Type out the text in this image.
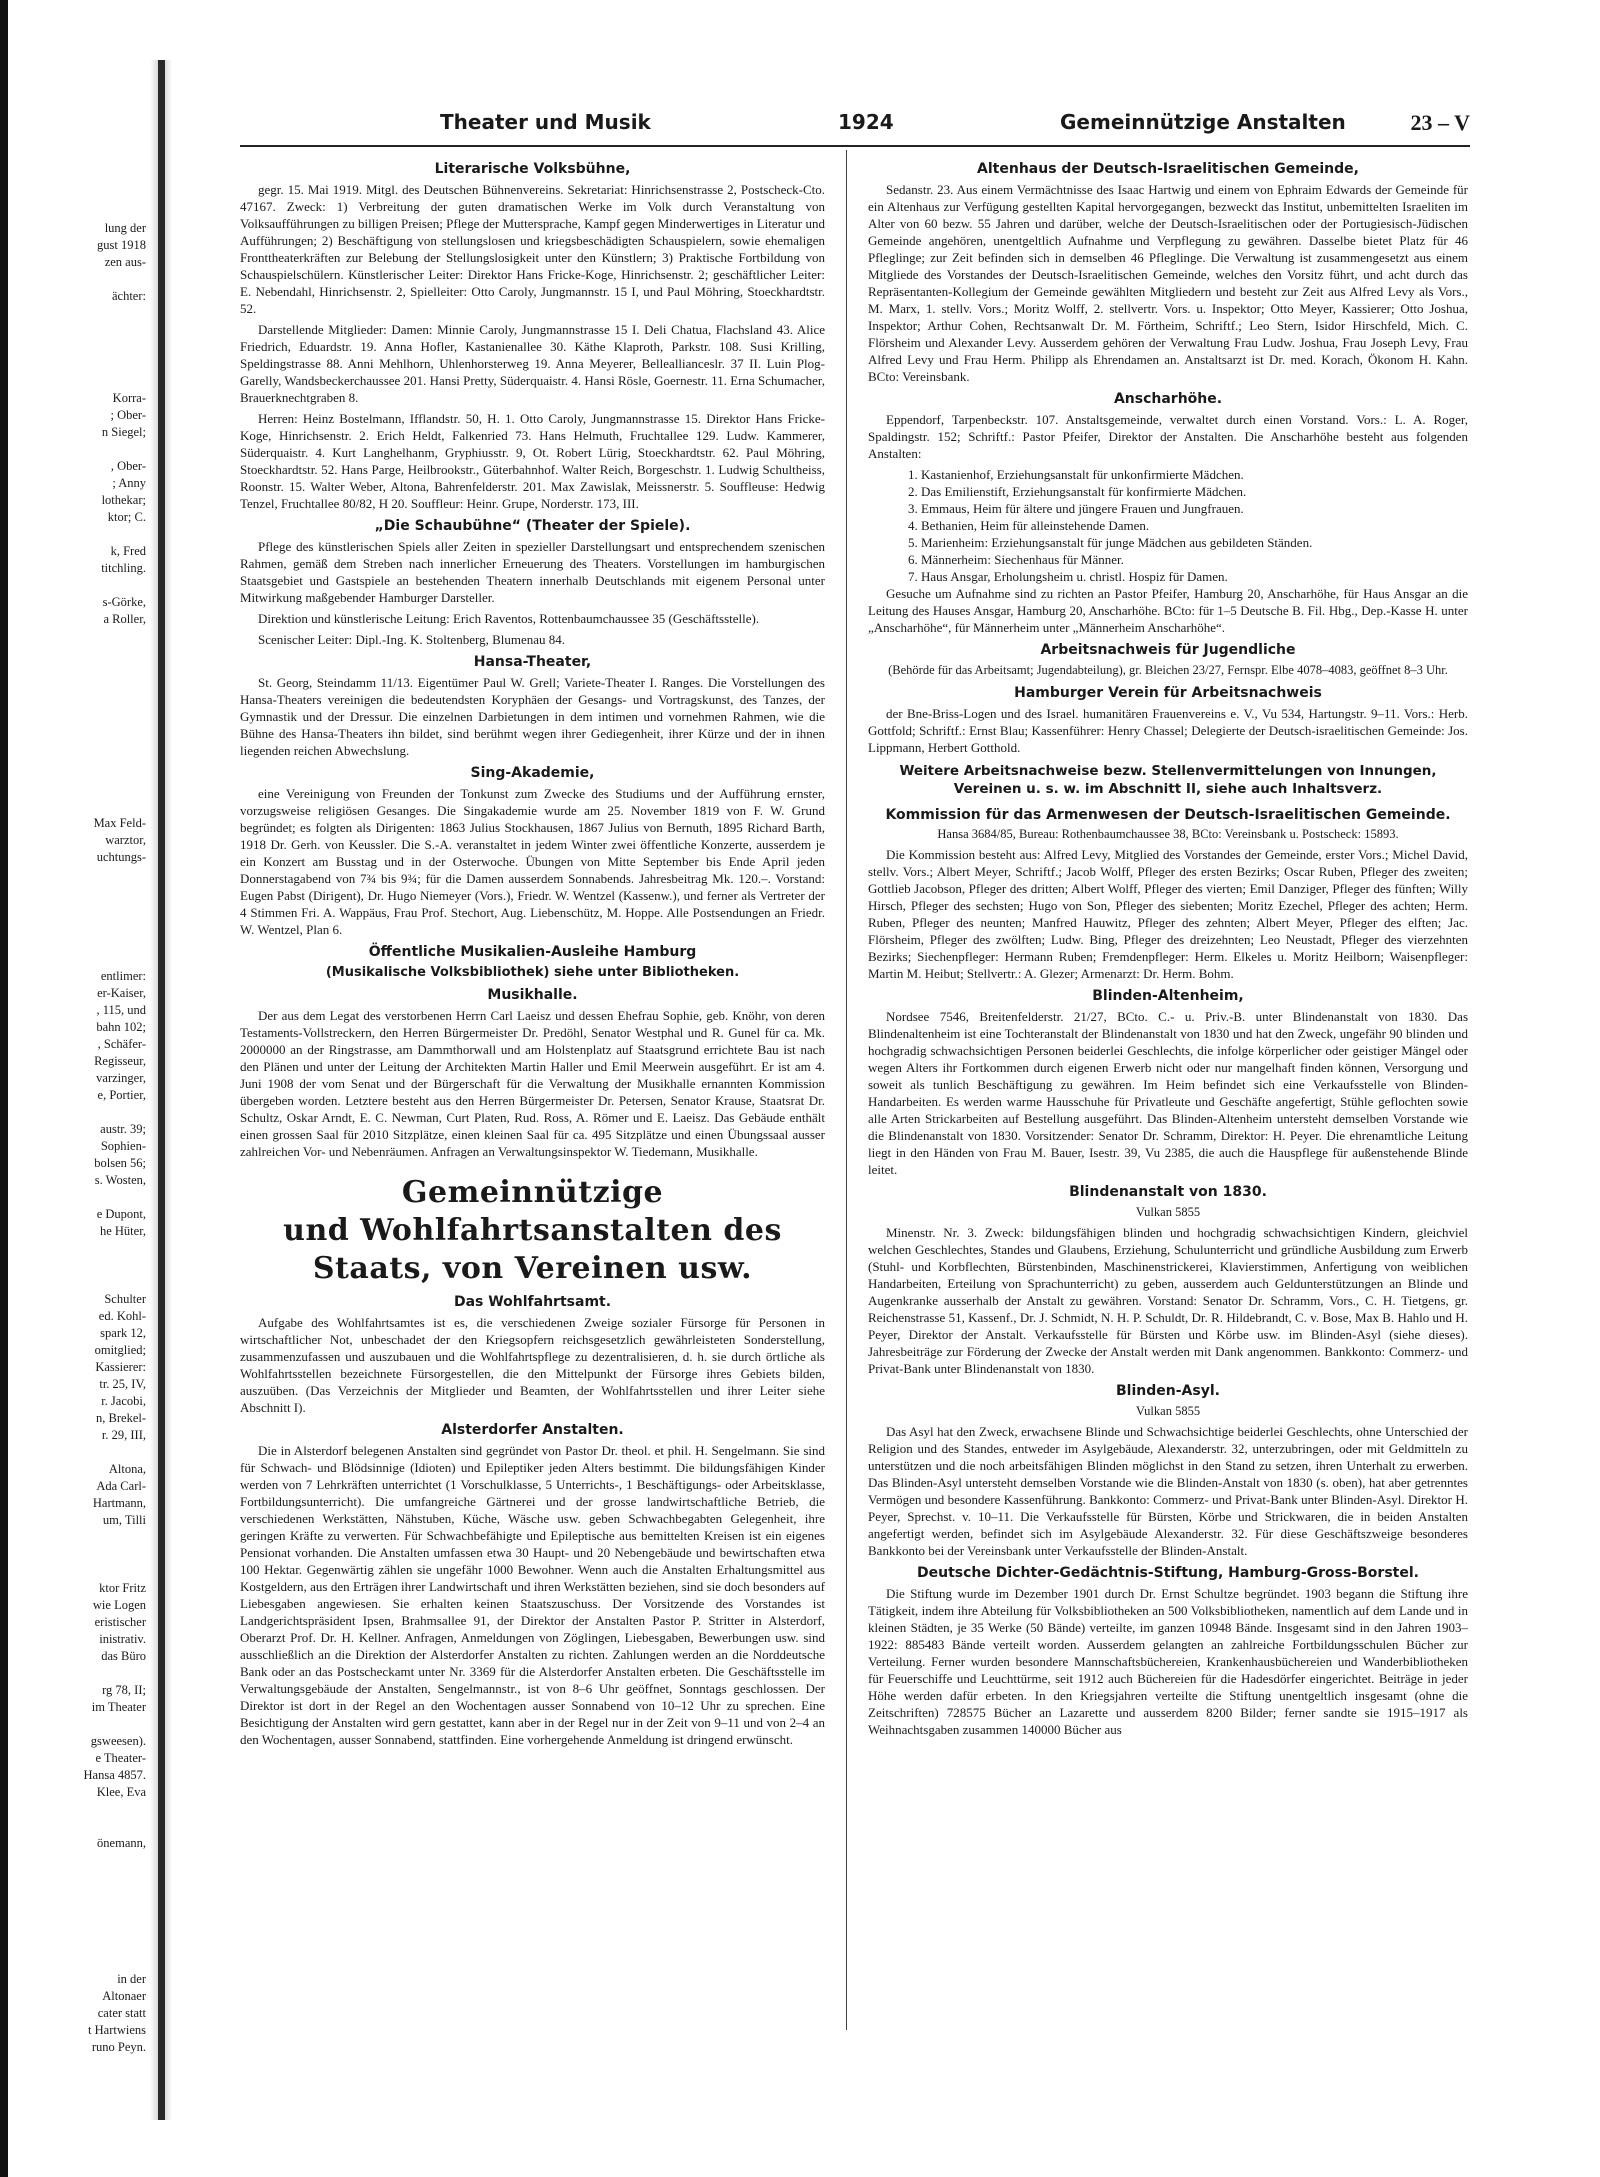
lung der
gust 1918
zen aus-

ächter:

Korra-
; Ober-
n Siegel;

, Ober-
; Anny
lothekar;
ktor; C.

k, Fred
titchling.

s-Görke,
a Roller,

Max Feld-
warztor,
uchtungs-

entlimer:
er-Kaiser,
, 115, und
bahn 102;
, Schäfer-
Regisseur,
varzinger,
e, Portier,

austr. 39;
Sophien-
bolsen 56;
s. Wosten,

e Dupont,
he Hüter,

Schulter
ed. Kohl-
spark 12,
omitglied;
Kassierer:
tr. 25, IV,
r. Jacobi,
n, Brekel-
r. 29, III,

Altona,
Ada Carl-
Hartmann,
um, Tilli

ktor Fritz
wie Logen
eristischer
inistrativ.
das Büro

rg 78, II;
im Theater

gsweesen).
e Theater-
Hansa 4857.
Klee, Eva

önemann,

in der
Altonaer
cater statt
t Hartwiens
runo Peyn.
Theater und Musik	1924	Gemeinnützige Anstalten	23 – V
Literarische Volksbühne,

gegr. 15. Mai 1919. Mitgl. des Deutschen Bühnenvereins. Sekretariat: Hinrichsenstrasse 2, Postscheck-Cto. 47167. Zweck: 1) Verbreitung der guten dramatischen Werke im Volk durch Veranstaltung von Volksaufführungen zu billigen Preisen; Pflege der Muttersprache, Kampf gegen Minderwertiges in Literatur und Aufführungen; 2) Beschäftigung von stellungslosen und kriegsbeschädigten Schauspielern, sowie ehemaligen Fronttheaterkräften zur Belebung der Stellungslosigkeit unter den Künstlern; 3) Praktische Fortbildung von Schauspielschülern. Künstlerischer Leiter: Direktor Hans Fricke-Koge, Hinrichsenstr. 2; geschäftlicher Leiter: E. Nebendahl, Hinrichsenstr. 2, Spielleiter: Otto Caroly, Jungmannstr. 15 I, und Paul Möhring, Stoeckhardtstr. 52.

Darstellende Mitglieder: Damen: Minnie Caroly, Jungmannstrasse 15 I. Deli Chatua, Flachsland 43. Alice Friedrich, Eduardstr. 19. Anna Hofler, Kastanienallee 30. Käthe Klaproth, Parkstr. 108. Susi Krilling, Speldingstrasse 88. Anni Mehlhorn, Uhlenhorsterweg 19. Anna Meyerer, Belleallianceslr. 37 II. Luin Plog-Garelly, Wandsbeckerchaussee 201. Hansi Pretty, Süderquaistr. 4. Hansi Rösle, Goernestr. 11. Erna Schumacher, Brauerknechtgraben 8.

Herren: Heinz Bostelmann, Ifflandstr. 50, H. 1. Otto Caroly, Jungmannstrasse 15. Direktor Hans Fricke-Koge, Hinrichsenstr. 2. Erich Heldt, Falkenried 73. Hans Helmuth, Fruchtallee 129. Ludw. Kammerer, Süderquaistr. 4. Kurt Langhelhanm, Gryphiusstr. 9, Ot. Robert Lürig, Stoeckhardtstr. 62. Paul Möhring, Stoeckhardtstr. 52. Hans Parge, Heilbrookstr., Güterbahnhof. Walter Reich, Borgeschstr. 1. Ludwig Schultheiss, Roonstr. 15. Walter Weber, Altona, Bahrenfelderstr. 201. Max Zawislak, Meissnerstr. 5. Souffleuse: Hedwig Tenzel, Fruchtallee 80/82, H 20. Souffleur: Heinr. Grupe, Norderstr. 173, III.

„Die Schaubühne“ (Theater der Spiele).

Pflege des künstlerischen Spiels aller Zeiten in spezieller Darstellungsart und entsprechendem szenischen Rahmen, gemäß dem Streben nach innerlicher Erneuerung des Theaters. Vorstellungen im hamburgischen Staatsgebiet und Gastspiele an bestehenden Theatern innerhalb Deutschlands mit eigenem Personal unter Mitwirkung maßgebender Hamburger Darsteller.

Direktion und künstlerische Leitung: Erich Raventos, Rottenbaumchaussee 35 (Geschäftsstelle).

Scenischer Leiter: Dipl.-Ing. K. Stoltenberg, Blumenau 84.

Hansa-Theater,

St. Georg, Steindamm 11/13. Eigentümer Paul W. Grell; Variete-Theater I. Ranges. Die Vorstellungen des Hansa-Theaters vereinigen die bedeutendsten Koryphäen der Gesangs- und Vortragskunst, des Tanzes, der Gymnastik und der Dressur. Die einzelnen Darbietungen in dem intimen und vornehmen Rahmen, wie die Bühne des Hansa-Theaters ihn bildet, sind berühmt wegen ihrer Gediegenheit, ihrer Kürze und der in ihnen liegenden reichen Abwechslung.

Sing-Akademie,

eine Vereinigung von Freunden der Tonkunst zum Zwecke des Studiums und der Aufführung ernster, vorzugsweise religiösen Gesanges. Die Singakademie wurde am 25. November 1819 von F. W. Grund begründet; es folgten als Dirigenten: 1863 Julius Stockhausen, 1867 Julius von Bernuth, 1895 Richard Barth, 1918 Dr. Gerh. von Keussler. Die S.-A. veranstaltet in jedem Winter zwei öffentliche Konzerte, ausserdem je ein Konzert am Busstag und in der Osterwoche. Übungen von Mitte September bis Ende April jeden Donnerstagabend von 7¾ bis 9¾; für die Damen ausserdem Sonnabends. Jahresbeitrag Mk. 120.–. Vorstand: Eugen Pabst (Dirigent), Dr. Hugo Niemeyer (Vors.), Friedr. W. Wentzel (Kassenw.), und ferner als Vertreter der 4 Stimmen Fri. A. Wappäus, Frau Prof. Stechort, Aug. Liebenschütz, M. Hoppe. Alle Postsendungen an Friedr. W. Wentzel, Plan 6.

Öffentliche Musikalien-Ausleihe Hamburg
(Musikalische Volksbibliothek) siehe unter Bibliotheken.
Musikhalle.

Der aus dem Legat des verstorbenen Herrn Carl Laeisz und dessen Ehefrau Sophie, geb. Knöhr, von deren Testaments-Vollstreckern, den Herren Bürgermeister Dr. Predöhl, Senator Westphal und R. Gunel für ca. Mk. 2000000 an der Ringstrasse, am Dammthorwall und am Holstenplatz auf Staatsgrund errichtete Bau ist nach den Plänen und unter der Leitung der Architekten Martin Haller und Emil Meerwein ausgeführt. Er ist am 4. Juni 1908 der vom Senat und der Bürgerschaft für die Verwaltung der Musikhalle ernannten Kommission übergeben worden. Letztere besteht aus den Herren Bürgermeister Dr. Petersen, Senator Krause, Staatsrat Dr. Schultz, Oskar Arndt, E. C. Newman, Curt Platen, Rud. Ross, A. Römer und E. Laeisz. Das Gebäude enthält einen grossen Saal für 2010 Sitzplätze, einen kleinen Saal für ca. 495 Sitzplätze und einen Übungssaal ausser zahlreichen Vor- und Nebenräumen. Anfragen an Verwaltungsinspektor W. Tiedemann, Musikhalle.

Gemeinnützige
und Wohlfahrtsanstalten des
Staats, von Vereinen usw.
Das Wohlfahrtsamt.

Aufgabe des Wohlfahrtsamtes ist es, die verschiedenen Zweige sozialer Fürsorge für Personen in wirtschaftlicher Not, unbeschadet der den Kriegsopfern reichsgesetzlich gewährleisteten Sonderstellung, zusammenzufassen und auszubauen und die Wohlfahrtspflege zu dezentralisieren, d. h. sie durch örtliche als Wohlfahrtsstellen bezeichnete Fürsorgestellen, die den Mittelpunkt der Fürsorge ihres Gebiets bilden, auszuüben. (Das Verzeichnis der Mitglieder und Beamten, der Wohlfahrtsstellen und ihrer Leiter siehe Abschnitt I).

Alsterdorfer Anstalten.

Die in Alsterdorf belegenen Anstalten sind gegründet von Pastor Dr. theol. et phil. H. Sengelmann. Sie sind für Schwach- und Blödsinnige (Idioten) und Epileptiker jeden Alters bestimmt. Die bildungsfähigen Kinder werden von 7 Lehrkräften unterrichtet (1 Vorschulklasse, 5 Unterrichts-, 1 Beschäftigungs- oder Arbeitsklasse, Fortbildungsunterricht). Die umfangreiche Gärtnerei und der grosse landwirtschaftliche Betrieb, die verschiedenen Werkstätten, Nähstuben, Küche, Wäsche usw. geben Schwachbegabten Gelegenheit, ihre geringen Kräfte zu verwerten. Für Schwachbefähigte und Epileptische aus bemittelten Kreisen ist ein eigenes Pensionat vorhanden. Die Anstalten umfassen etwa 30 Haupt- und 20 Nebengebäude und bewirtschaften etwa 100 Hektar. Gegenwärtig zählen sie ungefähr 1000 Bewohner. Wenn auch die Anstalten Erhaltungsmittel aus Kostgeldern, aus den Erträgen ihrer Landwirtschaft und ihren Werkstätten beziehen, sind sie doch besonders auf Liebesgaben angewiesen. Sie erhalten keinen Staatszuschuss. Der Vorsitzende des Vorstandes ist Landgerichtspräsident Ipsen, Brahmsallee 91, der Direktor der Anstalten Pastor P. Stritter in Alsterdorf, Oberarzt Prof. Dr. H. Kellner. Anfragen, Anmeldungen von Zöglingen, Liebesgaben, Bewerbungen usw. sind ausschließlich an die Direktion der Alsterdorfer Anstalten zu richten. Zahlungen werden an die Norddeutsche Bank oder an das Postscheckamt unter Nr. 3369 für die Alsterdorfer Anstalten erbeten. Die Geschäftsstelle im Verwaltungsgebäude der Anstalten, Sengelmannstr., ist von 8–6 Uhr geöffnet, Sonntags geschlossen. Der Direktor ist dort in der Regel an den Wochentagen ausser Sonnabend von 10–12 Uhr zu sprechen. Eine Besichtigung der Anstalten wird gern gestattet, kann aber in der Regel nur in der Zeit von 9–11 und von 2–4 an den Wochentagen, ausser Sonnabend, stattfinden. Eine vorhergehende Anmeldung ist dringend erwünscht.

Altenhaus der Deutsch-Israelitischen Gemeinde,

Sedanstr. 23. Aus einem Vermächtnisse des Isaac Hartwig und einem von Ephraim Edwards der Gemeinde für ein Altenhaus zur Verfügung gestellten Kapital hervorgegangen, bezweckt das Institut, unbemittelten Israeliten im Alter von 60 bezw. 55 Jahren und darüber, welche der Deutsch-Israelitischen oder der Portugiesisch-Jüdischen Gemeinde angehören, unentgeltlich Aufnahme und Verpflegung zu gewähren. Dasselbe bietet Platz für 46 Pfleglinge; zur Zeit befinden sich in demselben 46 Pfleglinge. Die Verwaltung ist zusammengesetzt aus einem Mitgliede des Vorstandes der Deutsch-Israelitischen Gemeinde, welches den Vorsitz führt, und acht durch das Repräsentanten-Kollegium der Gemeinde gewählten Mitgliedern und besteht zur Zeit aus Alfred Levy als Vors., M. Marx, 1. stellv. Vors.; Moritz Wolff, 2. stellvertr. Vors. u. Inspektor; Otto Meyer, Kassierer; Otto Joshua, Inspektor; Arthur Cohen, Rechtsanwalt Dr. M. Förtheim, Schriftf.; Leo Stern, Isidor Hirschfeld, Mich. C. Flörsheim und Alexander Levy. Ausserdem gehören der Verwaltung Frau Ludw. Joshua, Frau Joseph Levy, Frau Alfred Levy und Frau Herm. Philipp als Ehrendamen an. Anstaltsarzt ist Dr. med. Korach, Ökonom H. Kahn. BCto: Vereinsbank.

Anscharhöhe.

Eppendorf, Tarpenbeckstr. 107. Anstaltsgemeinde, verwaltet durch einen Vorstand. Vors.: L. A. Roger, Spaldingstr. 152; Schriftf.: Pastor Pfeifer, Direktor der Anstalten. Die Anscharhöhe besteht aus folgenden Anstalten:

1. Kastanienhof, Erziehungsanstalt für unkonfirmierte Mädchen.
2. Das Emilienstift, Erziehungsanstalt für konfirmierte Mädchen.
3. Emmaus, Heim für ältere und jüngere Frauen und Jungfrauen.
4. Bethanien, Heim für alleinstehende Damen.
5. Marienheim: Erziehungsanstalt für junge Mädchen aus gebildeten Ständen.
6. Männerheim: Siechenhaus für Männer.
7. Haus Ansgar, Erholungsheim u. christl. Hospiz für Damen.

Gesuche um Aufnahme sind zu richten an Pastor Pfeifer, Hamburg 20, Anscharhöhe, für Haus Ansgar an die Leitung des Hauses Ansgar, Hamburg 20, Anscharhöhe. BCto: für 1–5 Deutsche B. Fil. Hbg., Dep.-Kasse H. unter „Anscharhöhe“, für Männerheim unter „Männerheim Anscharhöhe“.

Arbeitsnachweis für Jugendliche
(Behörde für das Arbeitsamt; Jugendabteilung), gr. Bleichen 23/27, Fernspr. Elbe 4078–4083, geöffnet 8–3 Uhr.
Hamburger Verein für Arbeitsnachweis

der Bne-Briss-Logen und des Israel. humanitären Frauenvereins e. V., Vu 534, Hartungstr. 9–11. Vors.: Herb. Gottfold; Schriftf.: Ernst Blau; Kassenführer: Henry Chassel; Delegierte der Deutsch-israelitischen Gemeinde: Jos. Lippmann, Herbert Gotthold.

Weitere Arbeitsnachweise bezw. Stellenvermittelungen von Innungen, Vereinen u. s. w. im Abschnitt II, siehe auch Inhaltsverz.
Kommission für das Armenwesen der Deutsch-Israelitischen Gemeinde.
Hansa 3684/85, Bureau: Rothenbaumchaussee 38, BCto: Vereinsbank u. Postscheck: 15893.

Die Kommission besteht aus: Alfred Levy, Mitglied des Vorstandes der Gemeinde, erster Vors.; Michel David, stellv. Vors.; Albert Meyer, Schriftf.; Jacob Wolff, Pfleger des ersten Bezirks; Oscar Ruben, Pfleger des zweiten; Gottlieb Jacobson, Pfleger des dritten; Albert Wolff, Pfleger des vierten; Emil Danziger, Pfleger des fünften; Willy Hirsch, Pfleger des sechsten; Hugo von Son, Pfleger des siebenten; Moritz Ezechel, Pfleger des achten; Herm. Ruben, Pfleger des neunten; Manfred Hauwitz, Pfleger des zehnten; Albert Meyer, Pfleger des elften; Jac. Flörsheim, Pfleger des zwölften; Ludw. Bing, Pfleger des dreizehnten; Leo Neustadt, Pfleger des vierzehnten Bezirks; Siechenpfleger: Hermann Ruben; Fremdenpfleger: Herm. Elkeles u. Moritz Heilborn; Waisenpfleger: Martin M. Heibut; Stellvertr.: A. Glezer; Armenarzt: Dr. Herm. Bohm.

Blinden-Altenheim,

Nordsee 7546, Breitenfelderstr. 21/27, BCto. C.- u. Priv.-B. unter Blindenanstalt von 1830. Das Blindenaltenheim ist eine Tochteranstalt der Blindenanstalt von 1830 und hat den Zweck, ungefähr 90 blinden und hochgradig schwachsichtigen Personen beiderlei Geschlechts, die infolge körperlicher oder geistiger Mängel oder wegen Alters ihr Fortkommen durch eigenen Erwerb nicht oder nur mangelhaft finden können, Versorgung und soweit als tunlich Beschäftigung zu gewähren. Im Heim befindet sich eine Verkaufsstelle von Blinden-Handarbeiten. Es werden warme Hausschuhe für Privatleute und Geschäfte angefertigt, Stühle geflochten sowie alle Arten Strickarbeiten auf Bestellung ausgeführt. Das Blinden-Altenheim untersteht demselben Vorstande wie die Blindenanstalt von 1830. Vorsitzender: Senator Dr. Schramm, Direktor: H. Peyer. Die ehrenamtliche Leitung liegt in den Händen von Frau M. Bauer, Isestr. 39, Vu 2385, die auch die Hauspflege für außenstehende Blinde leitet.

Blindenanstalt von 1830.
Vulkan 5855

Minenstr. Nr. 3. Zweck: bildungsfähigen blinden und hochgradig schwachsichtigen Kindern, gleichviel welchen Geschlechtes, Standes und Glaubens, Erziehung, Schulunterricht und gründliche Ausbildung zum Erwerb (Stuhl- und Korbflechten, Bürstenbinden, Maschinenstrickerei, Klavierstimmen, Anfertigung von weiblichen Handarbeiten, Erteilung von Sprachunterricht) zu geben, ausserdem auch Geldunterstützungen an Blinde und Augenkranke ausserhalb der Anstalt zu gewähren. Vorstand: Senator Dr. Schramm, Vors., C. H. Tietgens, gr. Reichenstrasse 51, Kassenf., Dr. J. Schmidt, N. H. P. Schuldt, Dr. R. Hildebrandt, C. v. Bose, Max B. Hahlo und H. Peyer, Direktor der Anstalt. Verkaufsstelle für Bürsten und Körbe usw. im Blinden-Asyl (siehe dieses). Jahresbeiträge zur Förderung der Zwecke der Anstalt werden mit Dank angenommen. Bankkonto: Commerz- und Privat-Bank unter Blindenanstalt von 1830.

Blinden-Asyl.
Vulkan 5855

Das Asyl hat den Zweck, erwachsene Blinde und Schwachsichtige beiderlei Geschlechts, ohne Unterschied der Religion und des Standes, entweder im Asylgebäude, Alexanderstr. 32, unterzubringen, oder mit Geldmitteln zu unterstützen und die noch arbeitsfähigen Blinden möglichst in den Stand zu setzen, ihren Unterhalt zu erwerben. Das Blinden-Asyl untersteht demselben Vorstande wie die Blinden-Anstalt von 1830 (s. oben), hat aber getrenntes Vermögen und besondere Kassenführung. Bankkonto: Commerz- und Privat-Bank unter Blinden-Asyl. Direktor H. Peyer, Sprechst. v. 10–11. Die Verkaufsstelle für Bürsten, Körbe und Strickwaren, die in beiden Anstalten angefertigt werden, befindet sich im Asylgebäude Alexanderstr. 32. Für diese Geschäftszweige besonderes Bankkonto bei der Vereinsbank unter Verkaufsstelle der Blinden-Anstalt.

Deutsche Dichter-Gedächtnis-Stiftung, Hamburg-Gross-Borstel.

Die Stiftung wurde im Dezember 1901 durch Dr. Ernst Schultze begründet. 1903 begann die Stiftung ihre Tätigkeit, indem ihre Abteilung für Volksbibliotheken an 500 Volksbibliotheken, namentlich auf dem Lande und in kleinen Städten, je 35 Werke (50 Bände) verteilte, im ganzen 10948 Bände. Insgesamt sind in den Jahren 1903–1922: 885483 Bände verteilt worden. Ausserdem gelangten an zahlreiche Fortbildungsschulen Bücher zur Verteilung. Ferner wurden besondere Mannschaftsbüchereien, Krankenhausbüchereien und Wanderbibliotheken für Feuerschiffe und Leuchttürme, seit 1912 auch Büchereien für die Hadesdörfer eingerichtet. Beiträge in jeder Höhe werden dafür erbeten. In den Kriegsjahren verteilte die Stiftung unentgeltlich insgesamt (ohne die Zeitschriften) 728575 Bücher an Lazarette und ausserdem 8200 Bilder; ferner sandte sie 1915–1917 als Weihnachtsgaben zusammen 140000 Bücher aus
